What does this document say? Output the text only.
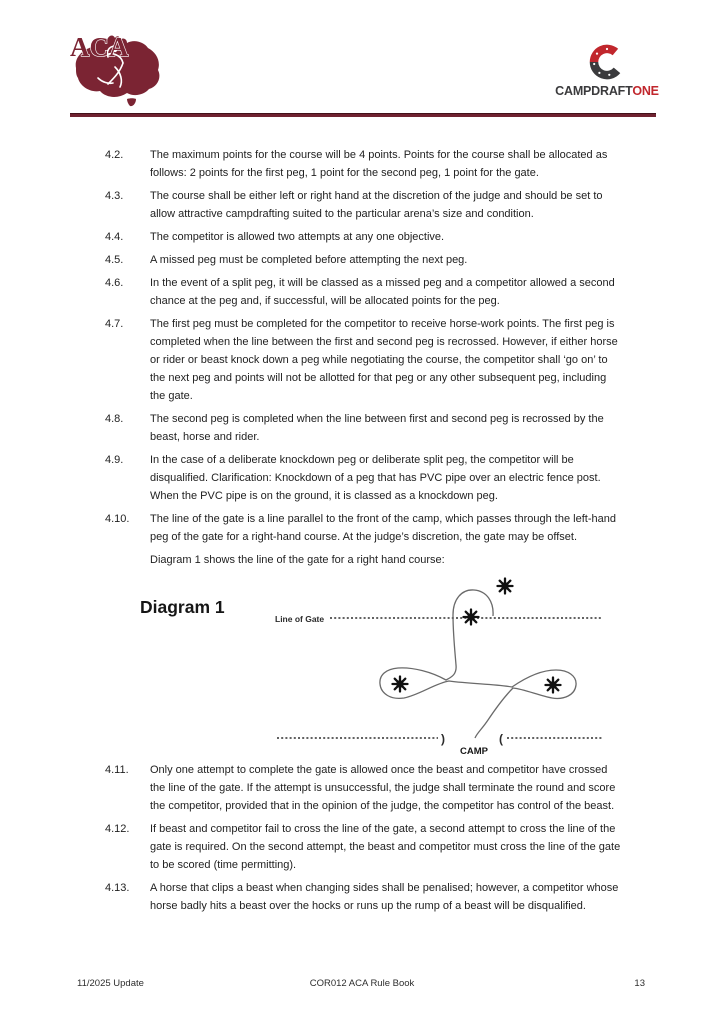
ACA
CAMPDRAFTONE
4.2.	The maximum points for the course will be 4 points. Points for the course shall be allocated as follows: 2 points for the first peg, 1 point for the second peg, 1 point for the gate.
4.3.	The course shall be either left or right hand at the discretion of the judge and should be set to allow attractive campdrafting suited to the particular arena’s size and condition.
4.4.	The competitor is allowed two attempts at any one objective.
4.5.	A missed peg must be completed before attempting the next peg.
4.6.	In the event of a split peg, it will be classed as a missed peg and a competitor allowed a second chance at the peg and, if successful, will be allocated points for the peg.
4.7.	The first peg must be completed for the competitor to receive horse-work points. The first peg is completed when the line between the first and second peg is recrossed. However, if either horse or rider or beast knock down a peg while negotiating the course, the competitor shall ‘go on’ to the next peg and points will not be allotted for that peg or any other subsequent peg, including the gate.
4.8.	The second peg is completed when the line between first and second peg is recrossed by the beast, horse and rider.
4.9.	In the case of a deliberate knockdown peg or deliberate split peg, the competitor will be disqualified. Clarification: Knockdown of a peg that has PVC pipe over an electric fence post. When the PVC pipe is on the ground, it is classed as a knockdown peg.
4.10.	The line of the gate is a line parallel to the front of the camp, which passes through the left-hand peg of the gate for a right-hand course. At the judge’s discretion, the gate may be offset.
Diagram 1 shows the line of the gate for a right hand course:
Diagram 1
Line of Gate
)	(
CAMP
4.11.	Only one attempt to complete the gate is allowed once the beast and competitor have crossed the line of the gate. If the attempt is unsuccessful, the judge shall terminate the round and score the competitor, provided that in the opinion of the judge, the competitor has control of the beast.
4.12.	If beast and competitor fail to cross the line of the gate, a second attempt to cross the line of the gate is required. On the second attempt, the beast and competitor must cross the line of the gate to be scored (time permitting).
4.13.	A horse that clips a beast when changing sides shall be penalised; however, a competitor whose horse badly hits a beast over the hocks or runs up the rump of a beast will be disqualified.
COR012 ACA Rule Book
11/2025 Update	13
